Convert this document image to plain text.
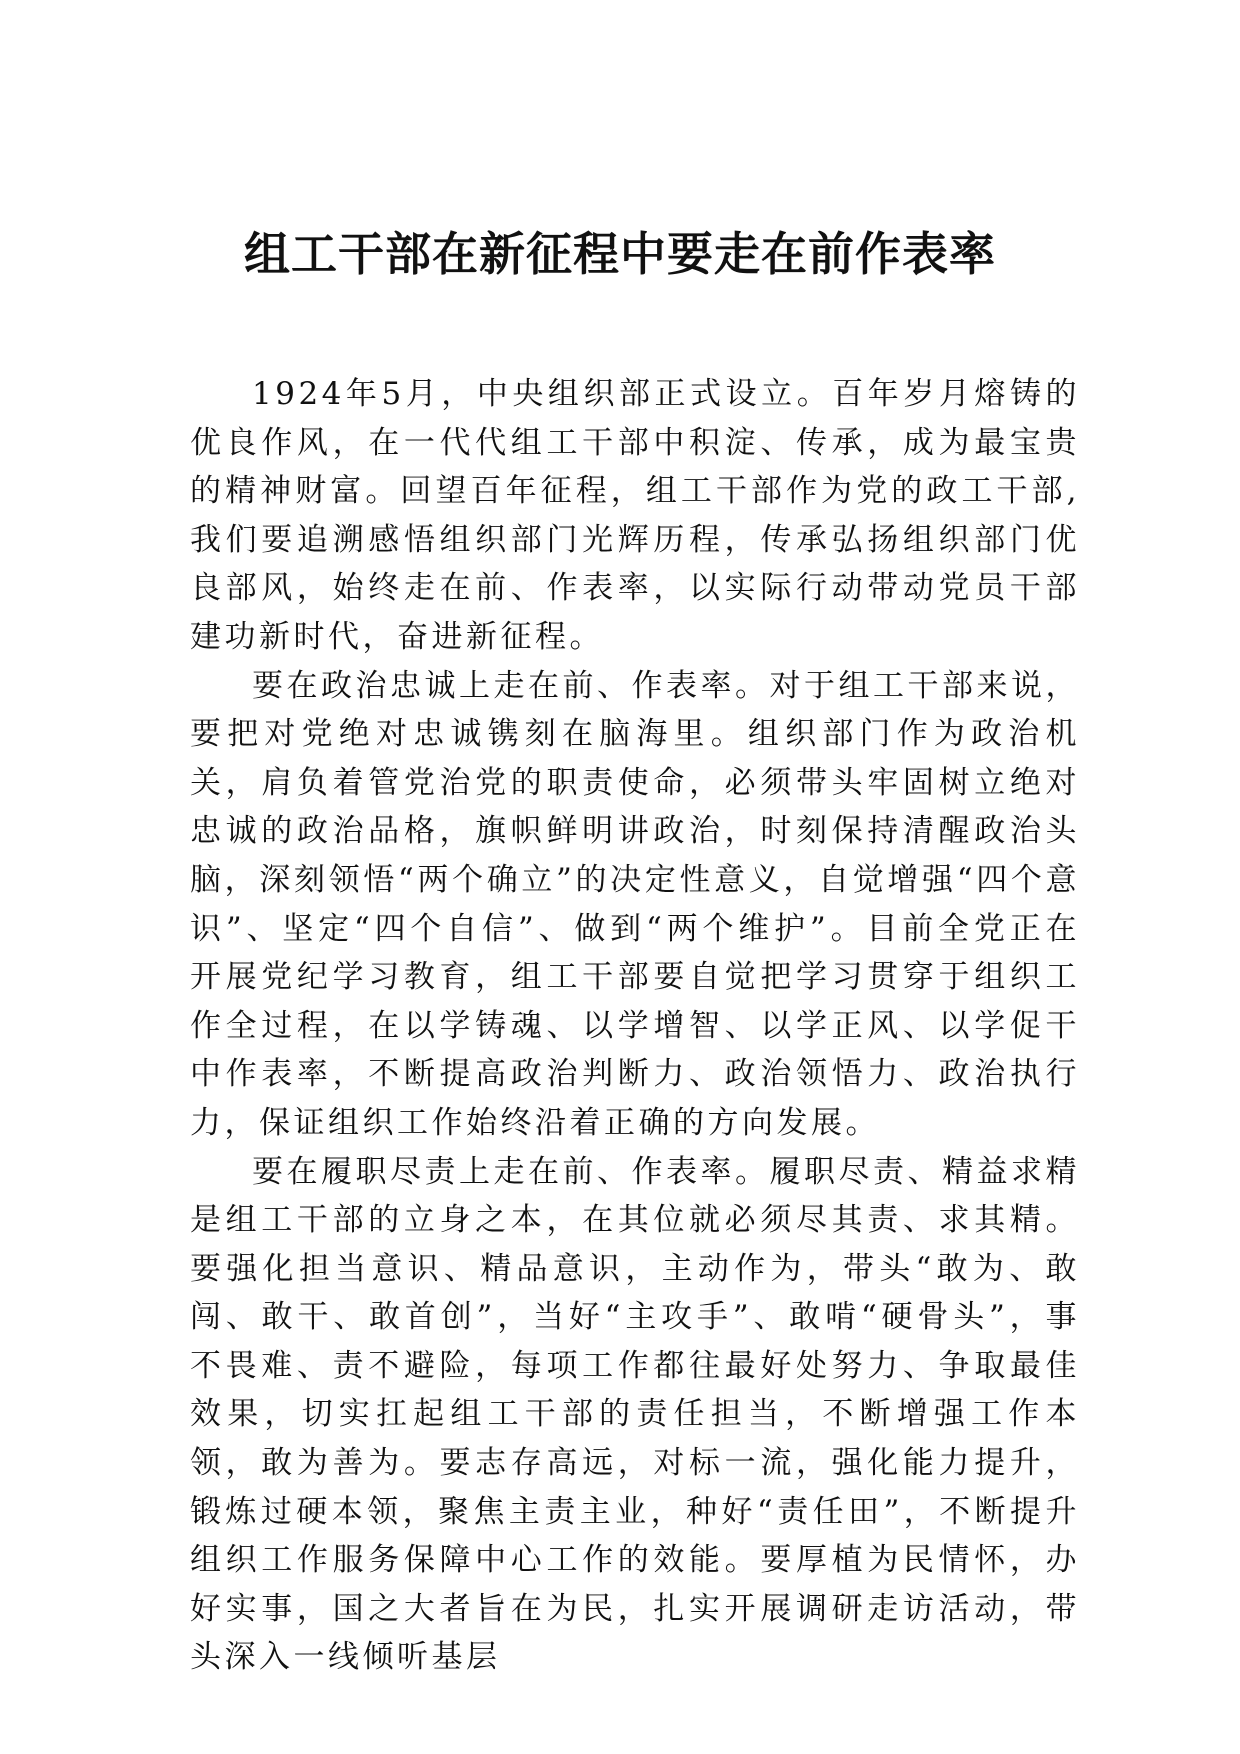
组工干部在新征程中要走在前作表率

1924年5月，中央组织部正式设立。百年岁月熔铸的优良作风，在一代代组工干部中积淀、传承，成为最宝贵的精神财富。回望百年征程，组工干部作为党的政工干部,我们要追溯感悟组织部门光辉历程，传承弘扬组织部门优良部风，始终走在前、作表率，以实际行动带动党员干部建功新时代，奋进新征程。

要在政治忠诚上走在前、作表率。对于组工干部来说，要把对党绝对忠诚镌刻在脑海里。组织部门作为政治机关，肩负着管党治党的职责使命，必须带头牢固树立绝对忠诚的政治品格，旗帜鲜明讲政治，时刻保持清醒政治头脑，深刻领悟“两个确立”的决定性意义，自觉增强“四个意识”、坚定“四个自信”、做到“两个维护”。目前全党正在开展党纪学习教育，组工干部要自觉把学习贯穿于组织工作全过程，在以学铸魂、以学增智、以学正风、以学促干中作表率，不断提高政治判断力、政治领悟力、政治执行力，保证组织工作始终沿着正确的方向发展。

要在履职尽责上走在前、作表率。履职尽责、精益求精是组工干部的立身之本，在其位就必须尽其责、求其精。要强化担当意识、精品意识，主动作为，带头“敢为、敢闯、敢干、敢首创”，当好“主攻手”、敢啃“硬骨头”，事不畏难、责不避险，每项工作都往最好处努力、争取最佳效果，切实扛起组工干部的责任担当，不断增强工作本领，敢为善为。要志存高远，对标一流，强化能力提升，锻炼过硬本领，聚焦主责主业，种好“责任田”，不断提升组织工作服务保障中心工作的效能。要厚植为民情怀，办好实事，国之大者旨在为民，扎实开展调研走访活动，带头深入一线倾听基层
